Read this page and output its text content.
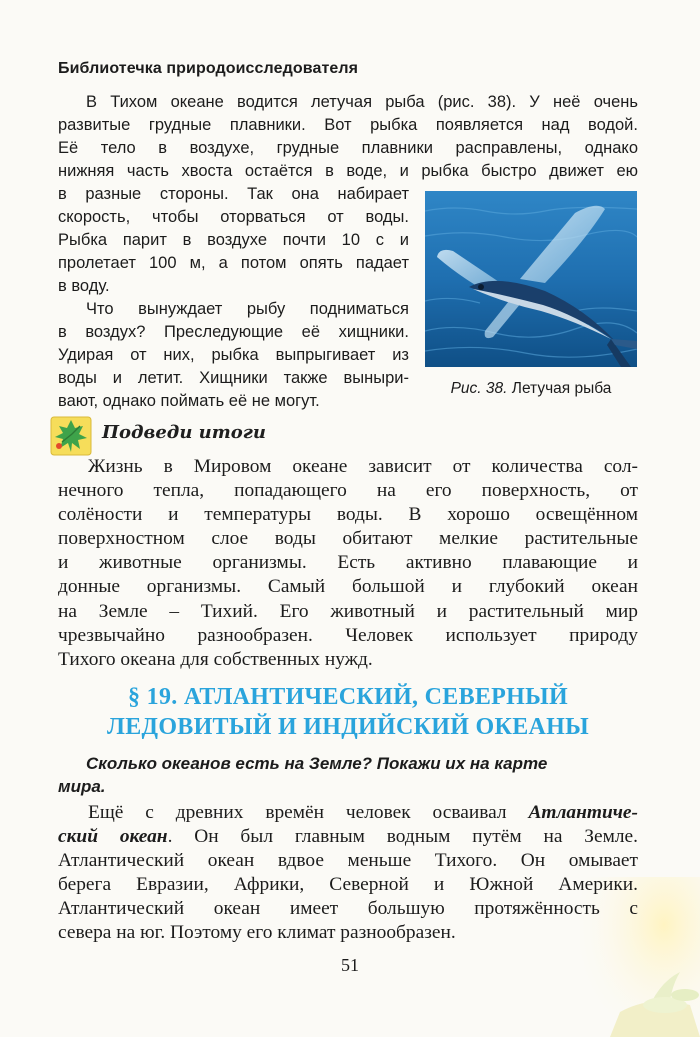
Библиотечка природоисследователя
В Тихом океане водится летучая рыба (рис. 38). У неё очень
развитые грудные плавники. Вот рыбка появляется над водой.
Её тело в воздухе, грудные плавники расправлены, однако
нижняя часть хвоста остаётся в воде, и рыбка быстро движет ею
в разные стороны. Так она набирает
скорость, чтобы оторваться от воды.
Рыбка парит в воздухе почти 10 с и
пролетает 100 м, а потом опять падает
в воду.
Что вынуждает рыбу подниматься
в воздух? Преследующие её хищники.
Удирая от них, рыбка выпрыгивает из
воды и летит. Хищники также выныри-
вают, однако поймать её не могут.
Рис. 38. Летучая рыба
Подведи итоги
Жизнь в Мировом океане зависит от количества сол-
нечного тепла, попадающего на его поверхность, от
солёности и температуры воды. В хорошо освещённом
поверхностном слое воды обитают мелкие растительные
и животные организмы. Есть активно плавающие и
донные организмы. Самый большой и глубокий океан
на Земле – Тихий. Его животный и растительный мир
чрезвычайно разнообразен. Человек использует природу
Тихого океана для собственных нужд.
§ 19. АТЛАНТИЧЕСКИЙ, СЕВЕРНЫЙ
ЛЕДОВИТЫЙ И ИНДИЙСКИЙ ОКЕАНЫ
Сколько океанов есть на Земле? Покажи их на карте
мира.
Ещё с древних времён человек осваивал Атлантиче-
ский океан. Он был главным водным путём на Земле.
Атлантический океан вдвое меньше Тихого. Он омывает
берега Евразии, Африки, Северной и Южной Америки.
Атлантический океан имеет большую протяжённость с
севера на юг. Поэтому его климат разнообразен.
51
